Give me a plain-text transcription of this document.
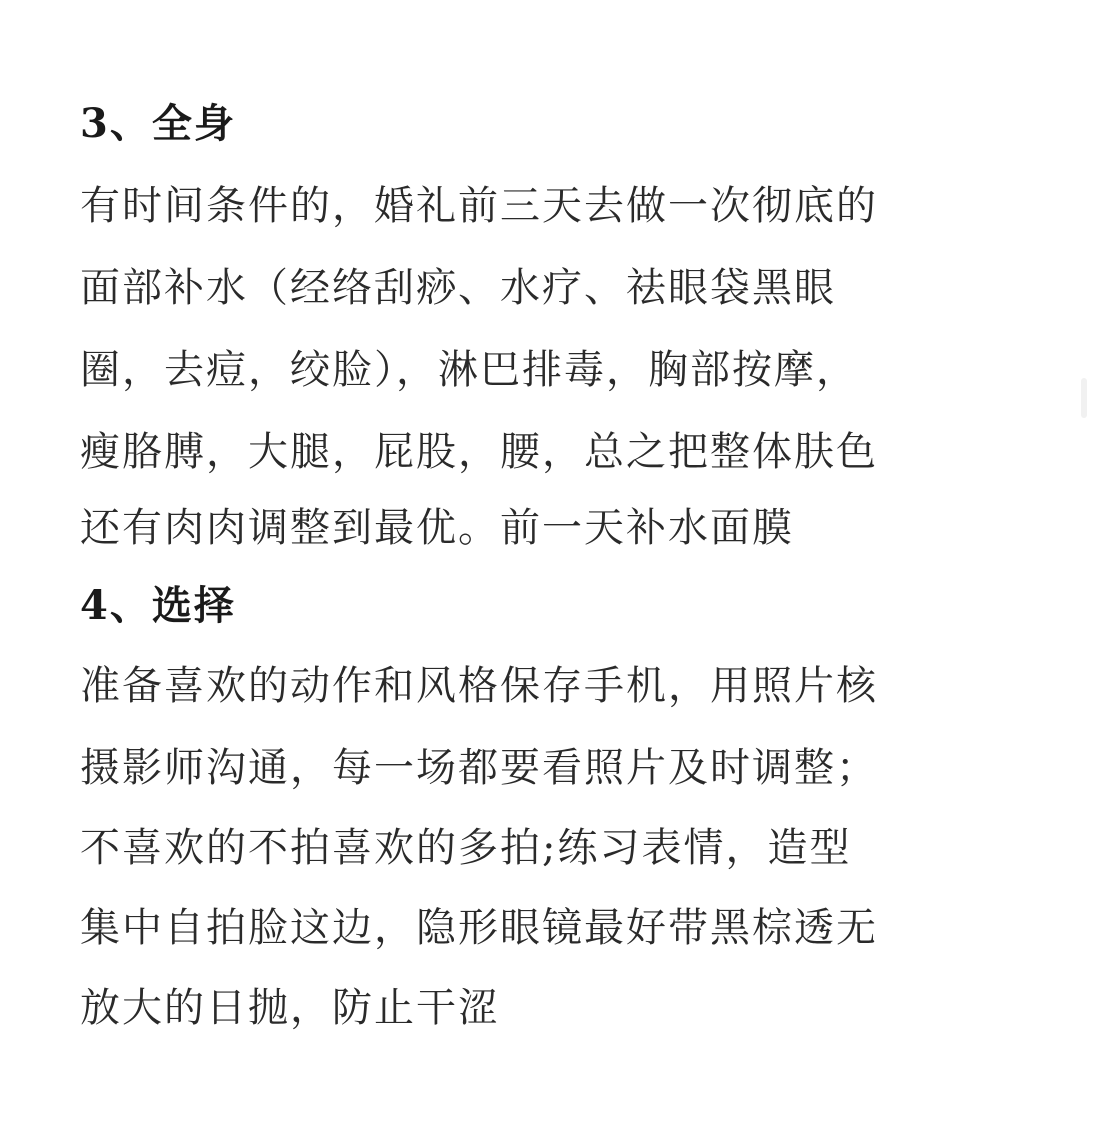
3、全身
有时间条件的，婚礼前三天去做一次彻底的
面部补水（经络刮痧、水疗、祛眼袋黑眼
圈，去痘，绞脸），淋巴排毒，胸部按摩，
瘦胳膊，大腿，屁股，腰，总之把整体肤色
还有肉肉调整到最优。前一天补水面膜
4、选择
准备喜欢的动作和风格保存手机，用照片核
摄影师沟通，每一场都要看照片及时调整；
不喜欢的不拍喜欢的多拍;练习表情，造型
集中自拍脸这边，隐形眼镜最好带黑棕透无
放大的日抛，防止干涩
